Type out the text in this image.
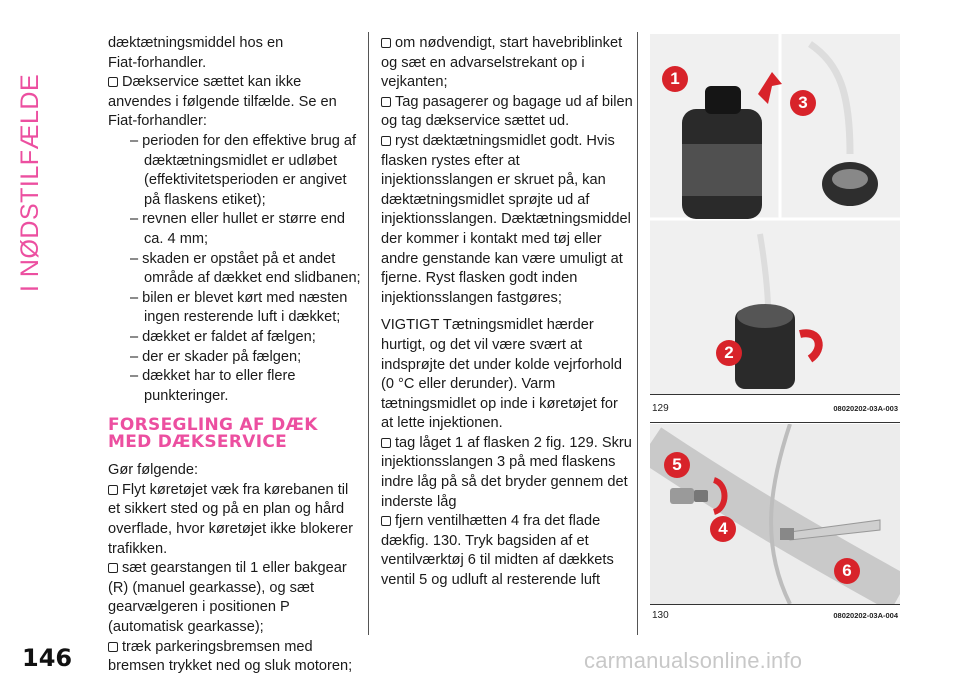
I NØDSTILFÆLDE

dæktætningsmiddel hos en

Fiat-forhandler.

Dækservice sættet kan ikke anvendes i følgende tilfælde. Se en Fiat-forhandler:

– perioden for den effektive brug af dæktætningsmidlet er udløbet (effektivitetsperioden er angivet på flaskens etiket);

– revnen eller hullet er større end ca. 4 mm;

– skaden er opstået på et andet område af dækket end slidbanen;

– bilen er blevet kørt med næsten ingen resterende luft i dækket;

– dækket er faldet af fælgen;

– der er skader på fælgen;

– dækket har to eller flere punkteringer.

FORSEGLING AF DÆK
MED DÆKSERVICE

Gør følgende:

Flyt køretøjet væk fra kørebanen til et sikkert sted og på en plan og hård overflade, hvor køretøjet ikke blokerer trafikken.

sæt gearstangen til 1 eller bakgear (R) (manuel gearkasse), og sæt gearvælgeren i positionen P (automatisk gearkasse);

træk parkeringsbremsen med bremsen trykket ned og sluk motoren;

om nødvendigt, start havebriblinket og sæt en advarselstrekant op i vejkanten;

Tag pasagerer og bagage ud af bilen og tag dækservice sættet ud.

ryst dæktætningsmidlet godt. Hvis flasken rystes efter at injektionsslangen er skruet på, kan dæktætningsmidlet sprøjte ud af injektionsslangen. Dæktætningsmiddel der kommer i kontakt med tøj eller andre genstande kan være umuligt at fjerne. Ryst flasken godt inden injektionsslangen fastgøres;

VIGTIGT Tætningsmidlet hærder hurtigt, og det vil være svært at indsprøjte det under kolde vejrforhold (0 °C eller derunder). Varm tætningsmidlet op inde i køretøjet for at lette injektionen.

tag låget 1 af flasken 2 fig. 129. Skru injektionsslangen 3 på med flaskens indre låg på så det bryder gennem det inderste låg

fjern ventilhætten 4 fra det flade dækfig. 130. Tryk bagsiden af et ventilværktøj 6 til midten af dækkets ventil 5 og udluft al resterende luft

1
3
2
129	08020202-03A-003
5
4
6
130	08020202-03A-004
146	carmanualsonline.info
